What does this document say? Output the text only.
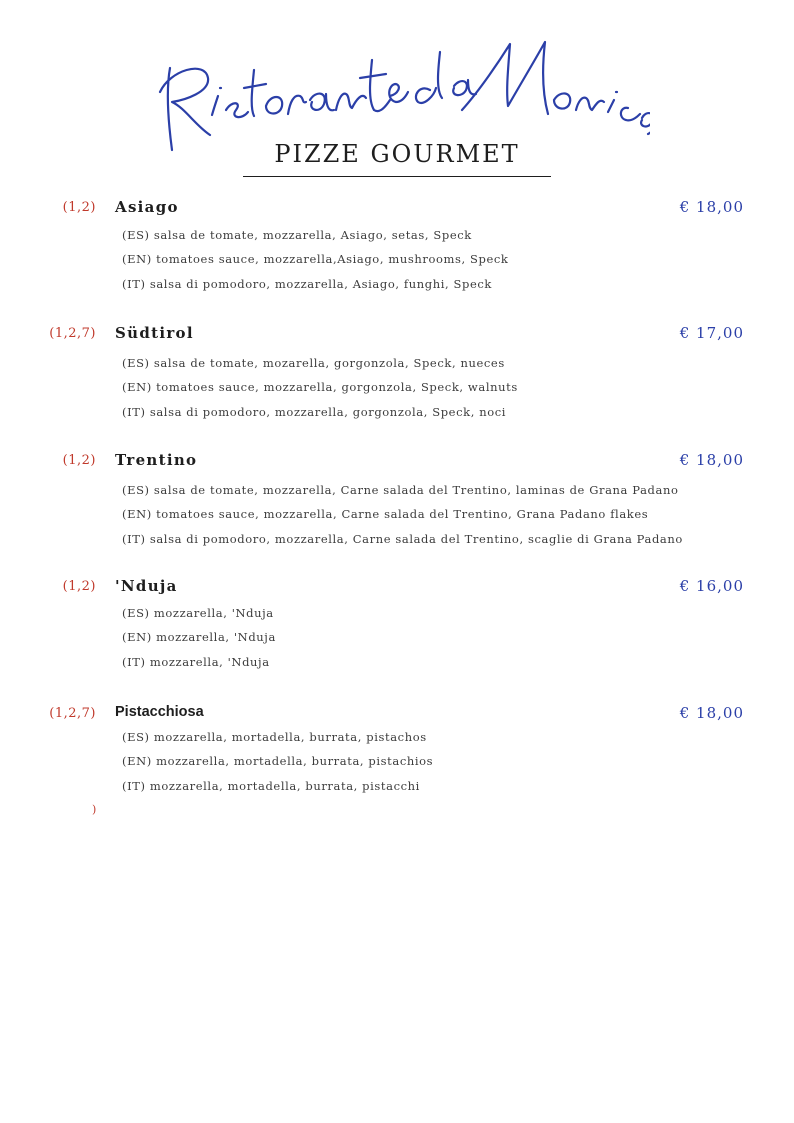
PIZZE GOURMET
(1,2) Asiago	€ 18,00
(ES) salsa de tomate, mozzarella, Asiago, setas, Speck
(EN) tomatoes sauce, mozzarella,Asiago, mushrooms, Speck
(IT) salsa di pomodoro, mozzarella, Asiago, funghi, Speck
(1,2,7) Südtirol	€ 17,00
(ES) salsa de tomate, mozarella, gorgonzola, Speck, nueces
(EN) tomatoes sauce, mozzarella, gorgonzola, Speck, walnuts
(IT) salsa di pomodoro, mozzarella, gorgonzola, Speck, noci
(1,2) Trentino	€ 18,00
(ES) salsa de tomate, mozzarella, Carne salada del Trentino, laminas de Grana Padano
(EN) tomatoes sauce, mozzarella, Carne salada del Trentino, Grana Padano flakes
(IT) salsa di pomodoro, mozzarella, Carne salada del Trentino, scaglie di Grana Padano
(1,2) 'Nduja	€ 16,00
(ES) mozzarella, 'Nduja
(EN) mozzarella, 'Nduja
(IT) mozzarella, 'Nduja
(1,2,7) Pistacchiosa	€ 18,00
(ES) mozzarella, mortadella, burrata, pistachos
(EN) mozzarella, mortadella, burrata, pistachios
(IT) mozzarella, mortadella, burrata, pistacchi
)
